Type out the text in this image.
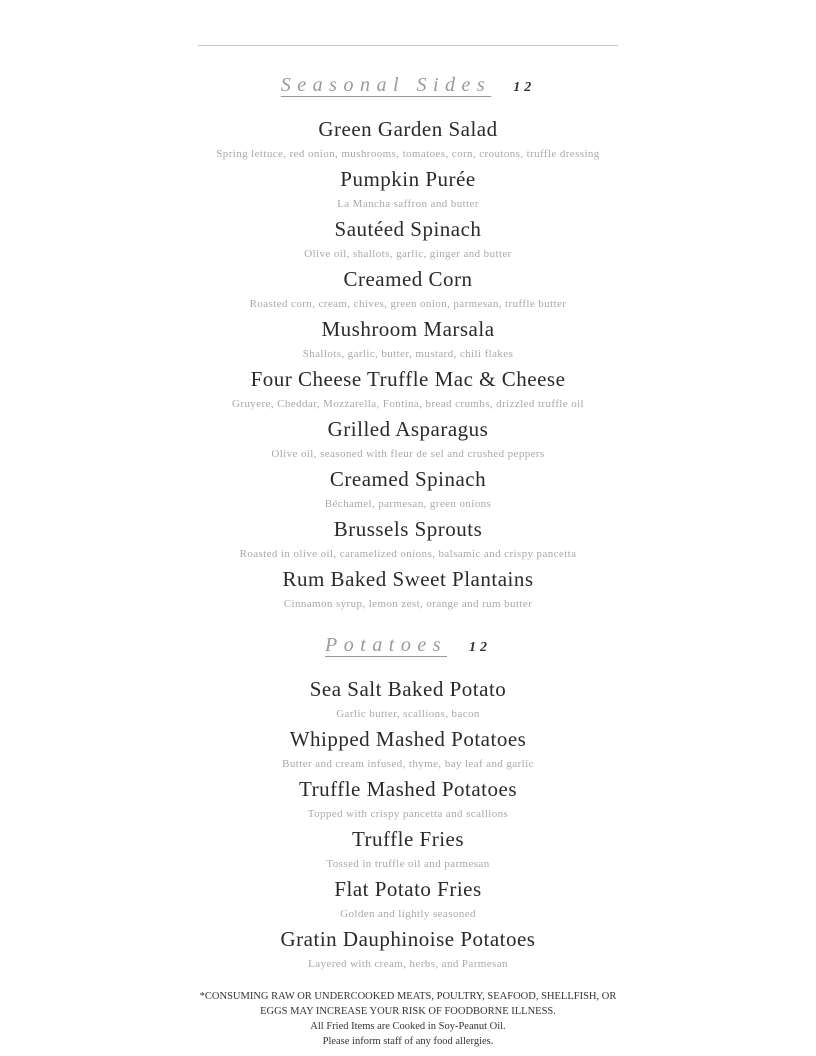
Seasonal Sides 12
Green Garden Salad
Spring lettuce, red onion, mushrooms, tomatoes, corn, croutons, truffle dressing
Pumpkin Purée
La Mancha saffron and butter
Sautéed Spinach
Olive oil, shallots, garlic, ginger and butter
Creamed Corn
Roasted corn, cream, chives, green onion, parmesan, truffle butter
Mushroom Marsala
Shallots, garlic, butter, mustard, chili flakes
Four Cheese Truffle Mac & Cheese
Gruyere, Cheddar, Mozzarella, Fontina, bread crumbs, drizzled truffle oil
Grilled Asparagus
Olive oil, seasoned with fleur de sel and crushed peppers
Creamed Spinach
Béchamel, parmesan, green onions
Brussels Sprouts
Roasted in olive oil, caramelized onions, balsamic and crispy pancetta
Rum Baked Sweet Plantains
Cinnamon syrup, lemon zest, orange and rum butter
Potatoes 12
Sea Salt Baked Potato
Garlic butter, scallions, bacon
Whipped Mashed Potatoes
Butter and cream infused, thyme, bay leaf and garlic
Truffle Mashed Potatoes
Topped with crispy pancetta and scallions
Truffle Fries
Tossed in truffle oil and parmesan
Flat Potato Fries
Golden and lightly seasoned
Gratin Dauphinoise Potatoes
Layered with cream, herbs, and Parmesan
*CONSUMING RAW OR UNDERCOOKED MEATS, POULTRY, SEAFOOD, SHELLFISH, OR
EGGS MAY INCREASE YOUR RISK OF FOODBORNE ILLNESS.
All Fried Items are Cooked in Soy-Peanut Oil.
Please inform staff of any food allergies.
